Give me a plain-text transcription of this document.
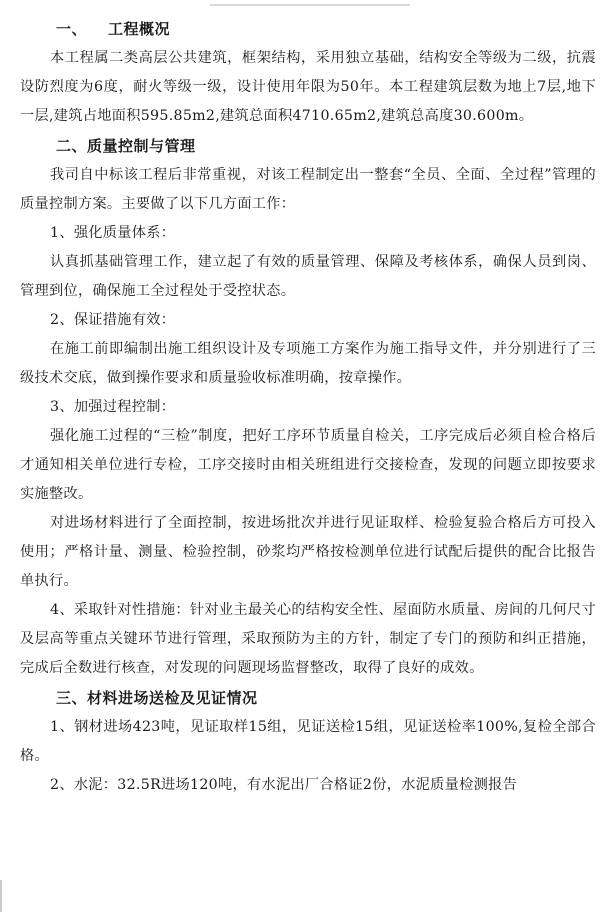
一、 工程概况

本工程属二类高层公共建筑，框架结构，采用独立基础，结构安全等级为二级，抗震设防烈度为6度，耐火等级一级，设计使用年限为50年。本工程建筑层数为地上7层,地下一层,建筑占地面积595.85m2,建筑总面积4710.65m2,建筑总高度30.600m。

二、质量控制与管理

我司自中标该工程后非常重视，对该工程制定出一整套“全员、全面、全过程”管理的质量控制方案。主要做了以下几方面工作：

1、强化质量体系：

认真抓基础管理工作，建立起了有效的质量管理、保障及考核体系，确保人员到岗、管理到位，确保施工全过程处于受控状态。

2、保证措施有效：

在施工前即编制出施工组织设计及专项施工方案作为施工指导文件，并分别进行了三级技术交底，做到操作要求和质量验收标准明确，按章操作。

3、加强过程控制：

强化施工过程的“三检”制度，把好工序环节质量自检关，工序完成后必须自检合格后才通知相关单位进行专检，工序交接时由相关班组进行交接检查，发现的问题立即按要求实施整改。

对进场材料进行了全面控制，按进场批次并进行见证取样、检验复验合格后方可投入使用；严格计量、测量、检验控制，砂浆均严格按检测单位进行试配后提供的配合比报告单执行。

4、采取针对性措施：针对业主最关心的结构安全性、屋面防水质量、房间的几何尺寸及层高等重点关键环节进行管理，采取预防为主的方针，制定了专门的预防和纠正措施，完成后全数进行核查，对发现的问题现场监督整改，取得了良好的成效。

三、材料进场送检及见证情况

1、钢材进场423吨，见证取样15组，见证送检15组，见证送检率100%,复检全部合格。

2、水泥：32.5R进场120吨，有水泥出厂合格证2份，水泥质量检测报告
